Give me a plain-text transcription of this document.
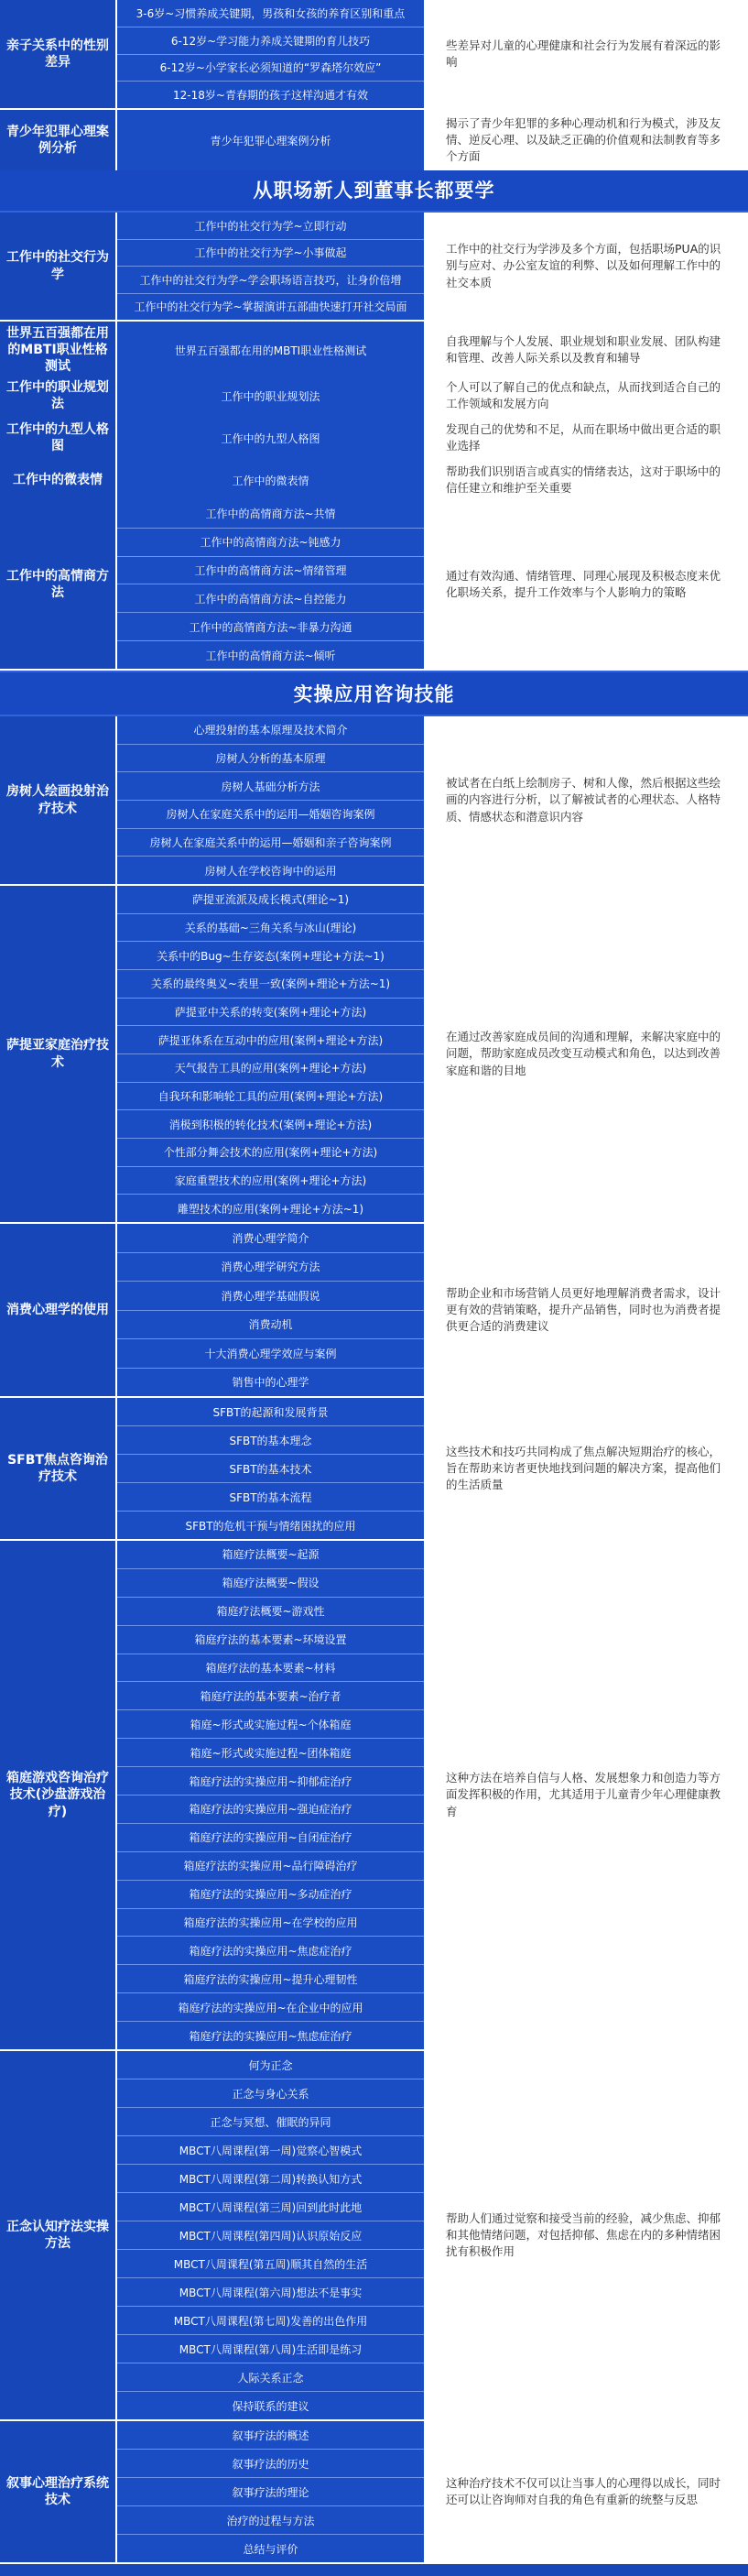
亲子关系中的性别差异
3-6岁~习惯养成关键期，男孩和女孩的养育区别和重点
6-12岁~学习能力养成关键期的育儿技巧
6-12岁~小学家长必须知道的“罗森塔尔效应”
12-18岁~青春期的孩子这样沟通才有效
些差异对儿童的心理健康和社会行为发展有着深远的影响
青少年犯罪心理案例分析
青少年犯罪心理案例分析
揭示了青少年犯罪的多种心理动机和行为模式，涉及友情、逆反心理、以及缺乏正确的价值观和法制教育等多个方面
从职场新人到董事长都要学
工作中的社交行为学
工作中的社交行为学~立即行动
工作中的社交行为学~小事做起
工作中的社交行为学~学会职场语言技巧，让身价倍增
工作中的社交行为学~掌握演讲五部曲快速打开社交局面
工作中的社交行为学涉及多个方面，包括职场PUA的识别与应对、办公室友谊的利弊、以及如何理解工作中的社交本质
世界五百强都在用的MBTI职业性格测试
世界五百强都在用的MBTI职业性格测试
自我理解与个人发展、职业规划和职业发展、团队构建和管理、改善人际关系以及教育和辅导
工作中的职业规划法
工作中的职业规划法
个人可以了解自己的优点和缺点，从而找到适合自己的工作领域和发展方向
工作中的九型人格图
工作中的九型人格图
发现自己的优势和不足，从而在职场中做出更合适的职业选择
工作中的微表情	工作中的微表情
帮助我们识别语言或真实的情绪表达，这对于职场中的信任建立和维护至关重要
工作中的高情商方法
工作中的高情商方法~共情
工作中的高情商方法~钝感力
工作中的高情商方法~情绪管理
工作中的高情商方法~自控能力
工作中的高情商方法~非暴力沟通
工作中的高情商方法~倾听
通过有效沟通、情绪管理、同理心展现及积极态度来优化职场关系，提升工作效率与个人影响力的策略
实操应用咨询技能
房树人绘画投射治疗技术
心理投射的基本原理及技术简介
房树人分析的基本原理
房树人基础分析方法
房树人在家庭关系中的运用—婚姻咨询案例
房树人在家庭关系中的运用—婚姻和亲子咨询案例
房树人在学校咨询中的运用
被试者在白纸上绘制房子、树和人像，然后根据这些绘画的内容进行分析，以了解被试者的心理状态、人格特质、情感状态和潜意识内容
萨提亚家庭治疗技术
萨提亚流派及成长模式(理论~1)
关系的基础~三角关系与冰山(理论)
关系中的Bug~生存姿态(案例+理论+方法~1)
关系的最终奥义~表里一致(案例+理论+方法~1)
萨提亚中关系的转变(案例+理论+方法)
萨提亚体系在互动中的应用(案例+理论+方法)
天气报告工具的应用(案例+理论+方法)
自我环和影响轮工具的应用(案例+理论+方法)
消极到积极的转化技术(案例+理论+方法)
个性部分舞会技术的应用(案例+理论+方法)
家庭重塑技术的应用(案例+理论+方法)
雕塑技术的应用(案例+理论+方法~1)
在通过改善家庭成员间的沟通和理解，来解决家庭中的问题，帮助家庭成员改变互动模式和角色，以达到改善家庭和谐的目地
消费心理学的使用
消费心理学简介
消费心理学研究方法
消费心理学基础假说
消费动机
十大消费心理学效应与案例
销售中的心理学
帮助企业和市场营销人员更好地理解消费者需求，设计更有效的营销策略，提升产品销售，同时也为消费者提供更合适的消费建议
SFBT焦点咨询治疗技术
SFBT的起源和发展背景
SFBT的基本理念
SFBT的基本技术
SFBT的基本流程
SFBT的危机干预与情绪困扰的应用
这些技术和技巧共同构成了焦点解决短期治疗的核心，旨在帮助来访者更快地找到问题的解决方案，提高他们的生活质量
箱庭游戏咨询治疗技术(沙盘游戏治疗)
箱庭疗法概要~起源
箱庭疗法概要~假设
箱庭疗法概要~游戏性
箱庭疗法的基本要素~环境设置
箱庭疗法的基本要素~材料
箱庭疗法的基本要素~治疗者
箱庭~形式或实施过程~个体箱庭
箱庭~形式或实施过程~团体箱庭
箱庭疗法的实操应用~抑郁症治疗
箱庭疗法的实操应用~强迫症治疗
箱庭疗法的实操应用~自闭症治疗
箱庭疗法的实操应用~品行障碍治疗
箱庭疗法的实操应用~多动症治疗
箱庭疗法的实操应用~在学校的应用
箱庭疗法的实操应用~焦虑症治疗
箱庭疗法的实操应用~提升心理韧性
箱庭疗法的实操应用~在企业中的应用
箱庭疗法的实操应用~焦虑症治疗
这种方法在培养自信与人格、发展想象力和创造力等方面发挥积极的作用，尤其适用于儿童青少年心理健康教育
正念认知疗法实操方法
何为正念
正念与身心关系
正念与冥想、催眠的异同
MBCT八周课程(第一周)觉察心智模式
MBCT八周课程(第二周)转换认知方式
MBCT八周课程(第三周)回到此时此地
MBCT八周课程(第四周)认识原始反应
MBCT八周课程(第五周)顺其自然的生活
MBCT八周课程(第六周)想法不是事实
MBCT八周课程(第七周)发善的出色作用
MBCT八周课程(第八周)生活即是练习
人际关系正念
保持联系的建议
帮助人们通过觉察和接受当前的经验，减少焦虑、抑郁和其他情绪问题，对包括抑郁、焦虑在内的多种情绪困扰有积极作用
叙事心理治疗系统技术
叙事疗法的概述
叙事疗法的历史
叙事疗法的理论
治疗的过程与方法
总结与评价
这种治疗技术不仅可以让当事人的心理得以成长，同时还可以让咨询师对自我的角色有重新的统整与反思
